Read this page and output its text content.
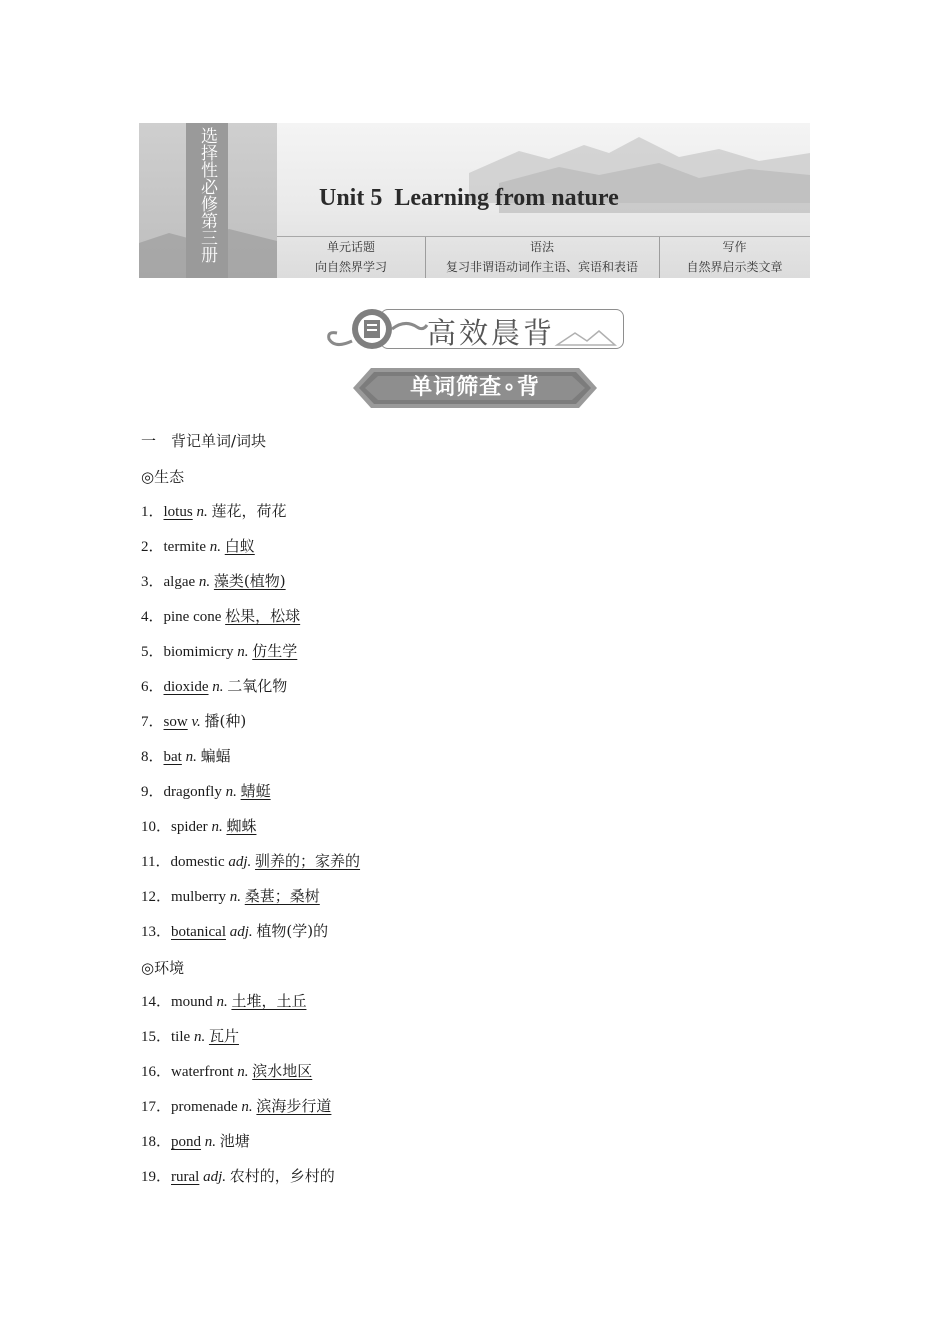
选择性必修第三册	Unit 5  Learning from nature
单元话题
向自然界学习
语法
复习非谓语动词作主语、宾语和表语
写作
自然界启示类文章
高效晨背
单词筛查∘背
一　背记单词/词块
◎生态
◎环境
1．lotus n. 莲花，荷花
2．termite n. 白蚁
3．algae n. 藻类(植物)
4．pine cone 松果，松球
5．biomimicry n. 仿生学
6．dioxide n. 二氧化物
7．sow v. 播(种)
8．bat n. 蝙蝠
9．dragonfly n. 蜻蜓
10．spider n. 蜘蛛
11．domestic adj. 驯养的；家养的
12．mulberry n. 桑葚；桑树
13．botanical adj. 植物(学)的
14．mound n. 土堆，土丘
15．tile n. 瓦片
16．waterfront n. 滨水地区
17．promenade n. 滨海步行道
18．pond n. 池塘
19．rural adj. 农村的，乡村的
